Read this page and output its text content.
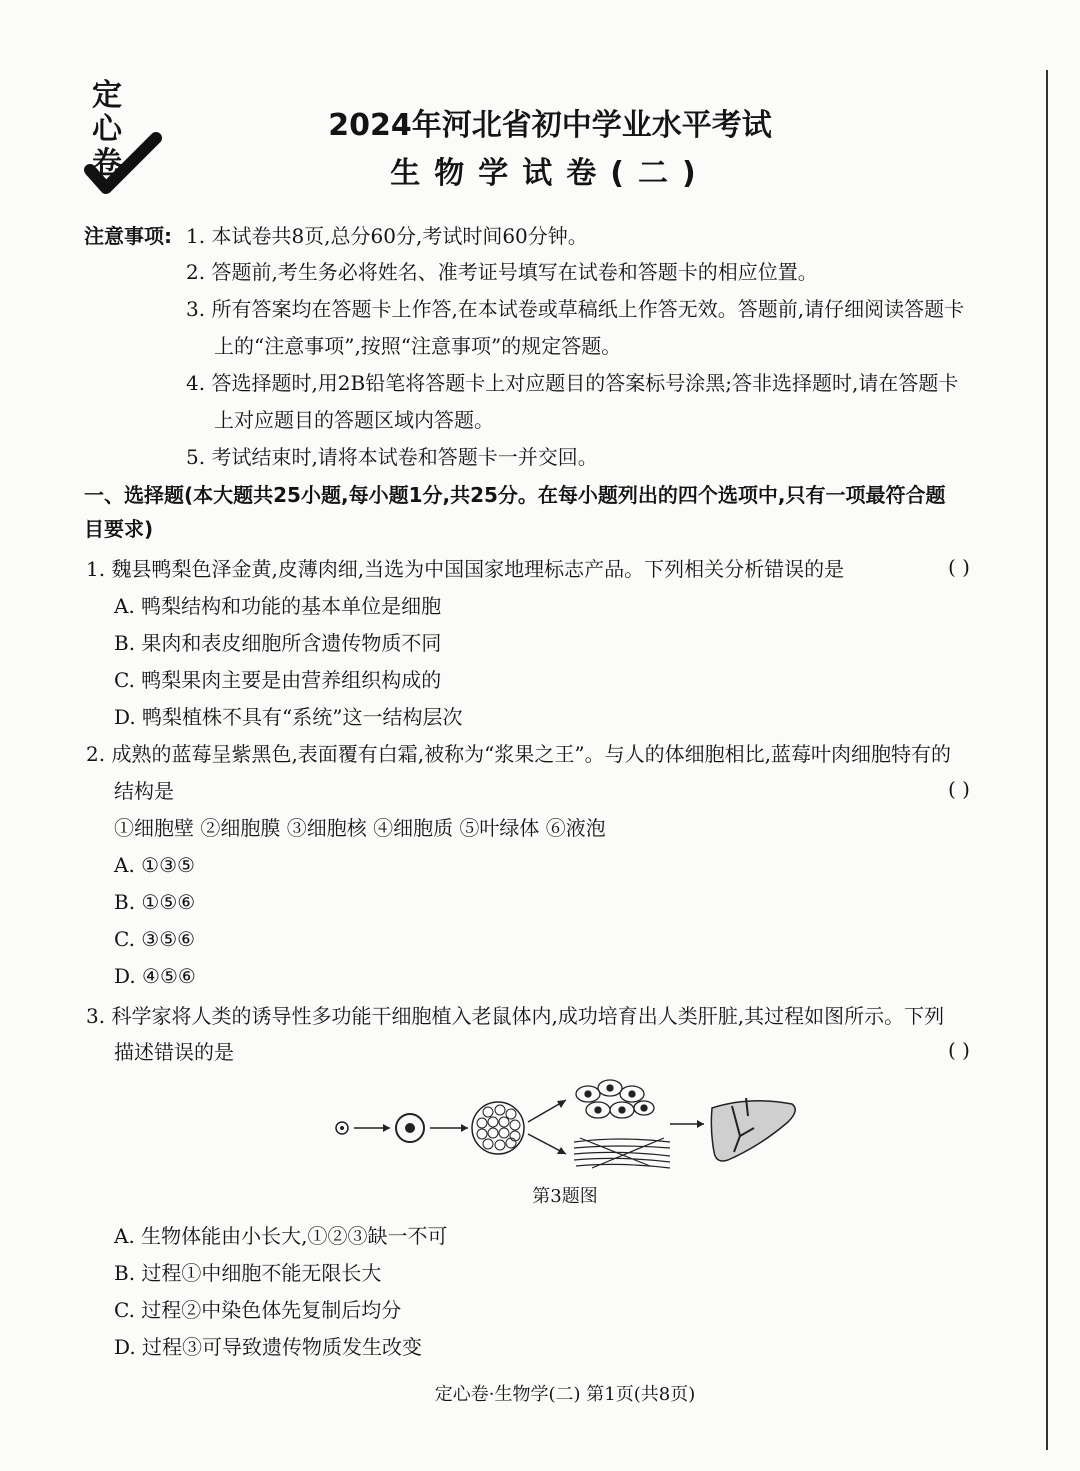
定
心
卷
2024年河北省初中学业水平考试
生物学试卷(二)
注意事项: 1. 本试卷共8页,总分60分,考试时间60分钟。
2. 答题前,考生务必将姓名、准考证号填写在试卷和答题卡的相应位置。
3. 所有答案均在答题卡上作答,在本试卷或草稿纸上作答无效。答题前,请仔细阅读答题卡
上的“注意事项”,按照“注意事项”的规定答题。
4. 答选择题时,用2B铅笔将答题卡上对应题目的答案标号涂黑;答非选择题时,请在答题卡
上对应题目的答题区域内答题。
5. 考试结束时,请将本试卷和答题卡一并交回。
一、选择题(本大题共25小题,每小题1分,共25分。在每小题列出的四个选项中,只有一项最符合题
目要求)
1. 魏县鸭梨色泽金黄,皮薄肉细,当选为中国国家地理标志产品。下列相关分析错误的是	( )
A. 鸭梨结构和功能的基本单位是细胞
B. 果肉和表皮细胞所含遗传物质不同
C. 鸭梨果肉主要是由营养组织构成的
D. 鸭梨植株不具有“系统”这一结构层次
2. 成熟的蓝莓呈紫黑色,表面覆有白霜,被称为“浆果之王”。与人的体细胞相比,蓝莓叶肉细胞特有的
结构是	( )
①细胞壁 ②细胞膜 ③细胞核 ④细胞质 ⑤叶绿体 ⑥液泡
A. ①③⑤
B. ①⑤⑥
C. ③⑤⑥
D. ④⑤⑥
3. 科学家将人类的诱导性多功能干细胞植入老鼠体内,成功培育出人类肝脏,其过程如图所示。下列
描述错误的是	( )
第3题图
A. 生物体能由小长大,①②③缺一不可
B. 过程①中细胞不能无限长大
C. 过程②中染色体先复制后均分
D. 过程③可导致遗传物质发生改变
定心卷·生物学(二) 第1页(共8页)
